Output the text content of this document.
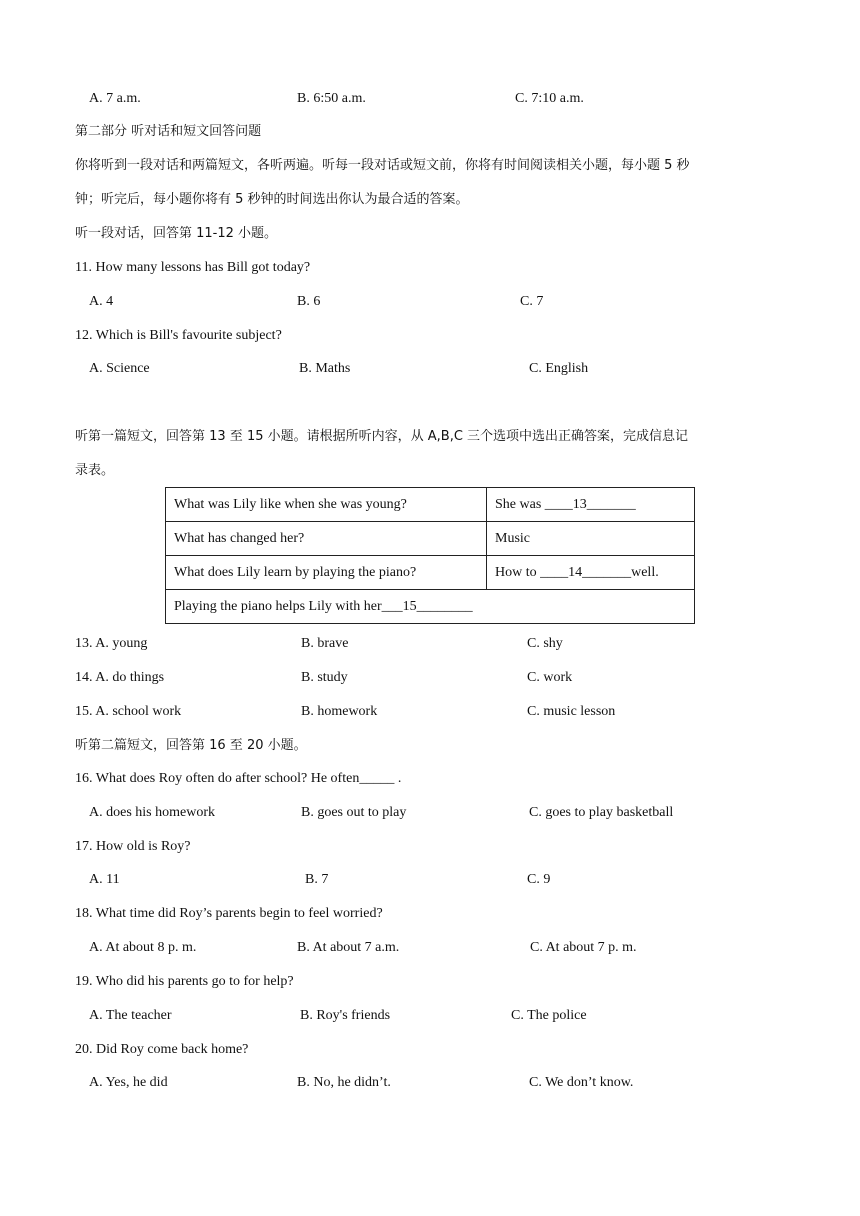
A. 7 a.m.	B. 6:50 a.m.	C. 7:10 a.m.
第二部分 听对话和短文回答问题
你将听到一段对话和两篇短文，各听两遍。听每一段对话或短文前，你将有时间阅读相关小题，每小题 5 秒
钟；听完后，每小题你将有 5 秒钟的时间选出你认为最合适的答案。
听一段对话，回答第 11-12 小题。
11. How many lessons has Bill got today?
A. 4	B. 6	C. 7
12. Which is Bill's favourite subject?
A. Science	B. Maths	C. English
听第一篇短文，回答第 13 至 15 小题。请根据所听内容，从 A,B,C 三个选项中选出正确答案，完成信息记
录表。
What was Lily like when she was young?	She was ____13_______
What has changed her?	Music
What does Lily learn by playing the piano?	How to ____14_______well.
Playing the piano helps Lily with her___15________	
13. A. young	B. brave	C. shy
14. A. do things	B. study	C. work
15. A. school work	B. homework	C. music lesson
听第二篇短文，回答第 16 至 20 小题。
16. What does Roy often do after school? He often_____ .
A. does his homework	B. goes out to play	C. goes to play basketball
17. How old is Roy?
A. 11	B. 7	C. 9
18. What time did Roy’s parents begin to feel worried?
A. At about 8 p. m.	B. At about 7 a.m.	C. At about 7 p. m.
19. Who did his parents go to for help?
A. The teacher	B. Roy's friends	C. The police
20. Did Roy come back home?
A. Yes, he did	B. No, he didn’t.	C. We don’t know.
